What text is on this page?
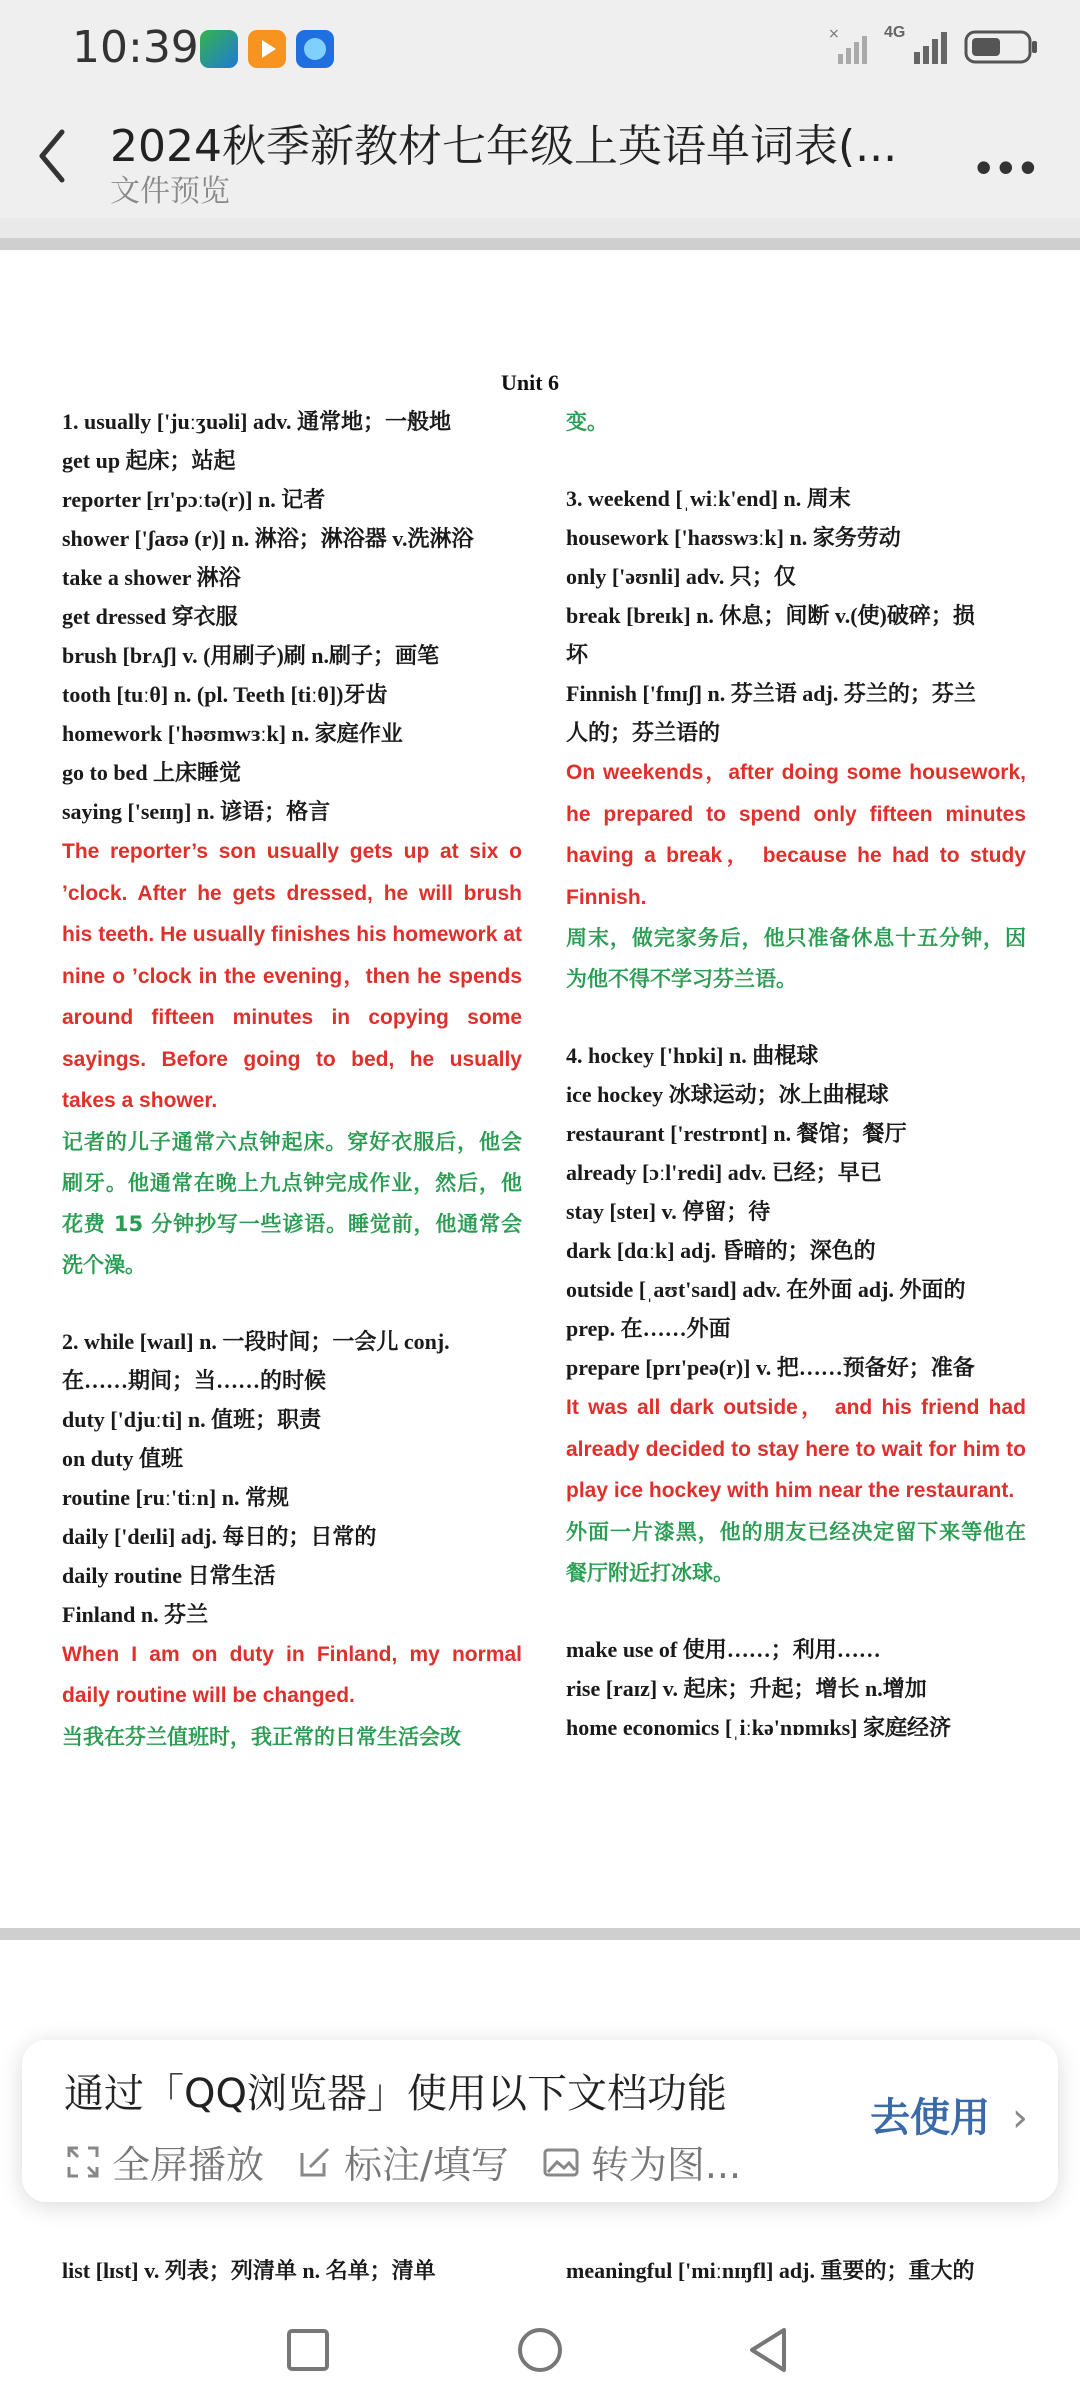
10:39	×	4G
2024秋季新教材七年级上英语单词表(...
文件预览	•••
Unit 6
1. usually ['juːʒuəli] adv. 通常地；一般地
get up 起床；站起
reporter [rɪ'pɔːtə(r)] n. 记者
shower ['ʃaʊə (r)] n. 淋浴；淋浴器 v.洗淋浴
take a shower 淋浴
get dressed 穿衣服
brush [brʌʃ] v. (用刷子)刷 n.刷子；画笔
tooth [tuːθ] n. (pl. Teeth [tiːθ])牙齿
homework ['həʊmwɜːk] n. 家庭作业
go to bed 上床睡觉
saying ['seɪɪŋ] n. 谚语；格言
The reporter’s son usually gets up at six o ’clock. After he gets dressed, he will brush his teeth. He usually finishes his homework at nine o ’clock in the evening，then he spends around fifteen minutes in copying some sayings. Before going to bed, he usually takes a shower.
记者的儿子通常六点钟起床。穿好衣服后，他会刷牙。他通常在晚上九点钟完成作业，然后，他花费 15 分钟抄写一些谚语。睡觉前，他通常会洗个澡。
2. while [waɪl] n. 一段时间；一会儿 conj.
在……期间；当……的时候
duty ['djuːti] n. 值班；职责
on duty 值班
routine [ruː'tiːn] n. 常规
daily ['deɪli] adj. 每日的；日常的
daily routine 日常生活
Finland n. 芬兰
When I am on duty in Finland, my normal daily routine will be changed.
当我在芬兰值班时，我正常的日常生活会改
变。
3. weekend [ˌwiːk'end] n. 周末
housework ['haʊswɜːk] n. 家务劳动
only ['əʊnli] adv. 只；仅
break [breɪk] n. 休息；间断 v.(使)破碎；损
坏
Finnish ['fɪnɪʃ] n. 芬兰语 adj. 芬兰的；芬兰
人的；芬兰语的
On weekends，after doing some housework, he prepared to spend only fifteen minutes having a break， because he had to study Finnish.
周末，做完家务后，他只准备休息十五分钟，因为他不得不学习芬兰语。
4. hockey ['hɒki] n. 曲棍球
ice hockey 冰球运动；冰上曲棍球
restaurant ['restrɒnt] n. 餐馆；餐厅
already [ɔːl'redi] adv. 已经；早已
stay [steɪ] v. 停留；待
dark [dɑːk] adj. 昏暗的；深色的
outside [ˌaʊt'saɪd] adv. 在外面 adj. 外面的
prep. 在……外面
prepare [prɪ'peə(r)] v. 把……预备好；准备
It was all dark outside， and his friend had already decided to stay here to wait for him to play ice hockey with him near the restaurant.
外面一片漆黑，他的朋友已经决定留下来等他在餐厅附近打冰球。
make use of 使用……；利用……
rise [raɪz] v. 起床；升起；增长 n.增加
home economics [ˌiːkə'nɒmɪks] 家庭经济
list [lɪst] v. 列表；列清单 n. 名单；清单	meaningful ['miːnɪŋfl] adj. 重要的；重大的
通过「QQ浏览器」使用以下文档功能
全屏播放 标注/填写 转为图...
去使用 ›
